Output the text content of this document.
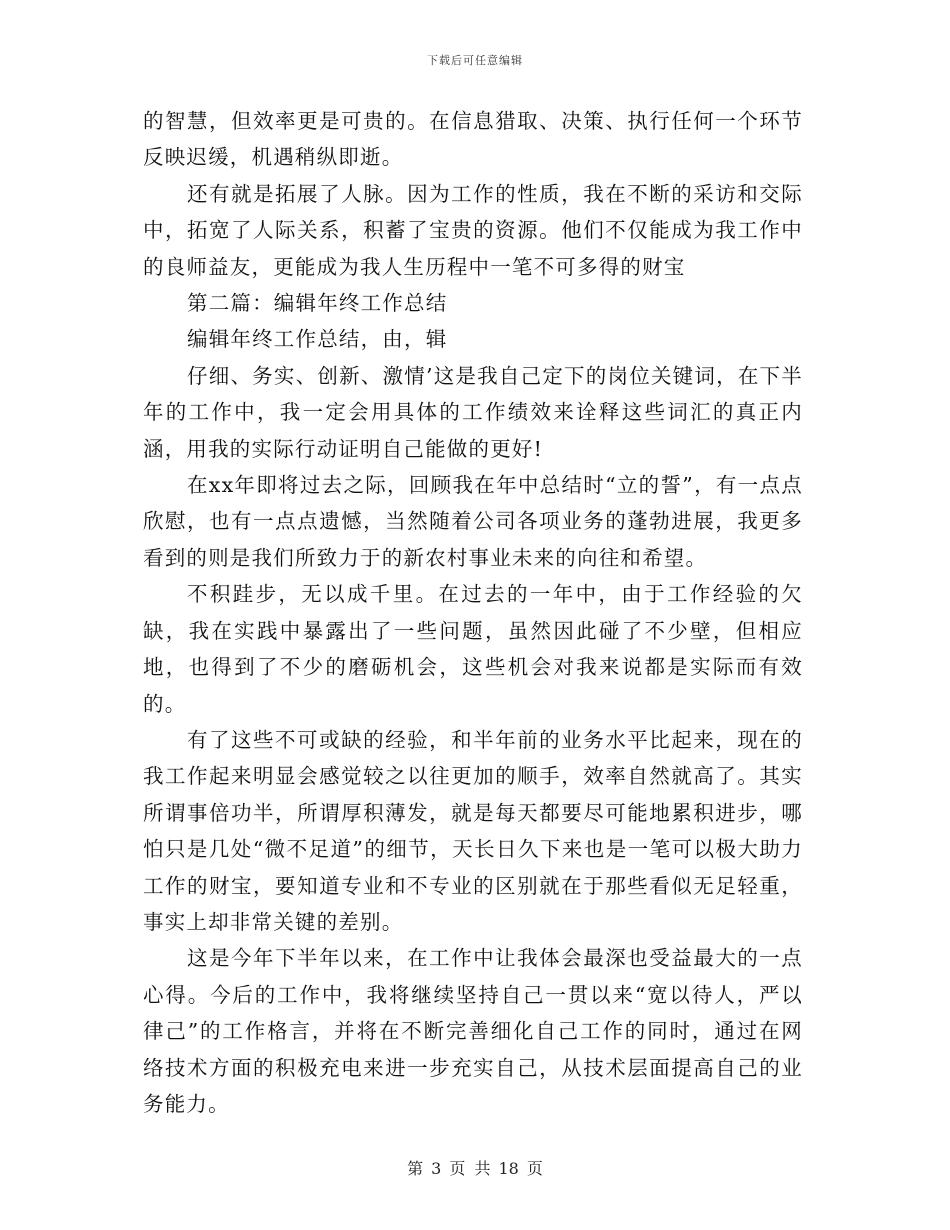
下载后可任意编辑

的智慧，但效率更是可贵的。在信息猎取、决策、执行任何一个环节反映迟缓，机遇稍纵即逝。

还有就是拓展了人脉。因为工作的性质，我在不断的采访和交际中，拓宽了人际关系，积蓄了宝贵的资源。他们不仅能成为我工作中的良师益友，更能成为我人生历程中一笔不可多得的财宝

第二篇：编辑年终工作总结

编辑年终工作总结，由，辑

仔细、务实、创新、激情’这是我自己定下的岗位关键词，在下半年的工作中，我一定会用具体的工作绩效来诠释这些词汇的真正内涵，用我的实际行动证明自己能做的更好!

在xx年即将过去之际，回顾我在年中总结时“立的誓”，有一点点欣慰，也有一点点遗憾，当然随着公司各项业务的蓬勃进展，我更多看到的则是我们所致力于的新农村事业未来的向往和希望。

不积跬步，无以成千里。在过去的一年中，由于工作经验的欠缺，我在实践中暴露出了一些问题，虽然因此碰了不少壁，但相应地，也得到了不少的磨砺机会，这些机会对我来说都是实际而有效的。

有了这些不可或缺的经验，和半年前的业务水平比起来，现在的我工作起来明显会感觉较之以往更加的顺手，效率自然就高了。其实所谓事倍功半，所谓厚积薄发，就是每天都要尽可能地累积进步，哪怕只是几处“微不足道”的细节，天长日久下来也是一笔可以极大助力工作的财宝，要知道专业和不专业的区别就在于那些看似无足轻重，事实上却非常关键的差别。

这是今年下半年以来，在工作中让我体会最深也受益最大的一点心得。今后的工作中，我将继续坚持自己一贯以来“宽以待人，严以律己”的工作格言，并将在不断完善细化自己工作的同时，通过在网络技术方面的积极充电来进一步充实自己，从技术层面提高自己的业务能力。

第 3 页 共 18 页
